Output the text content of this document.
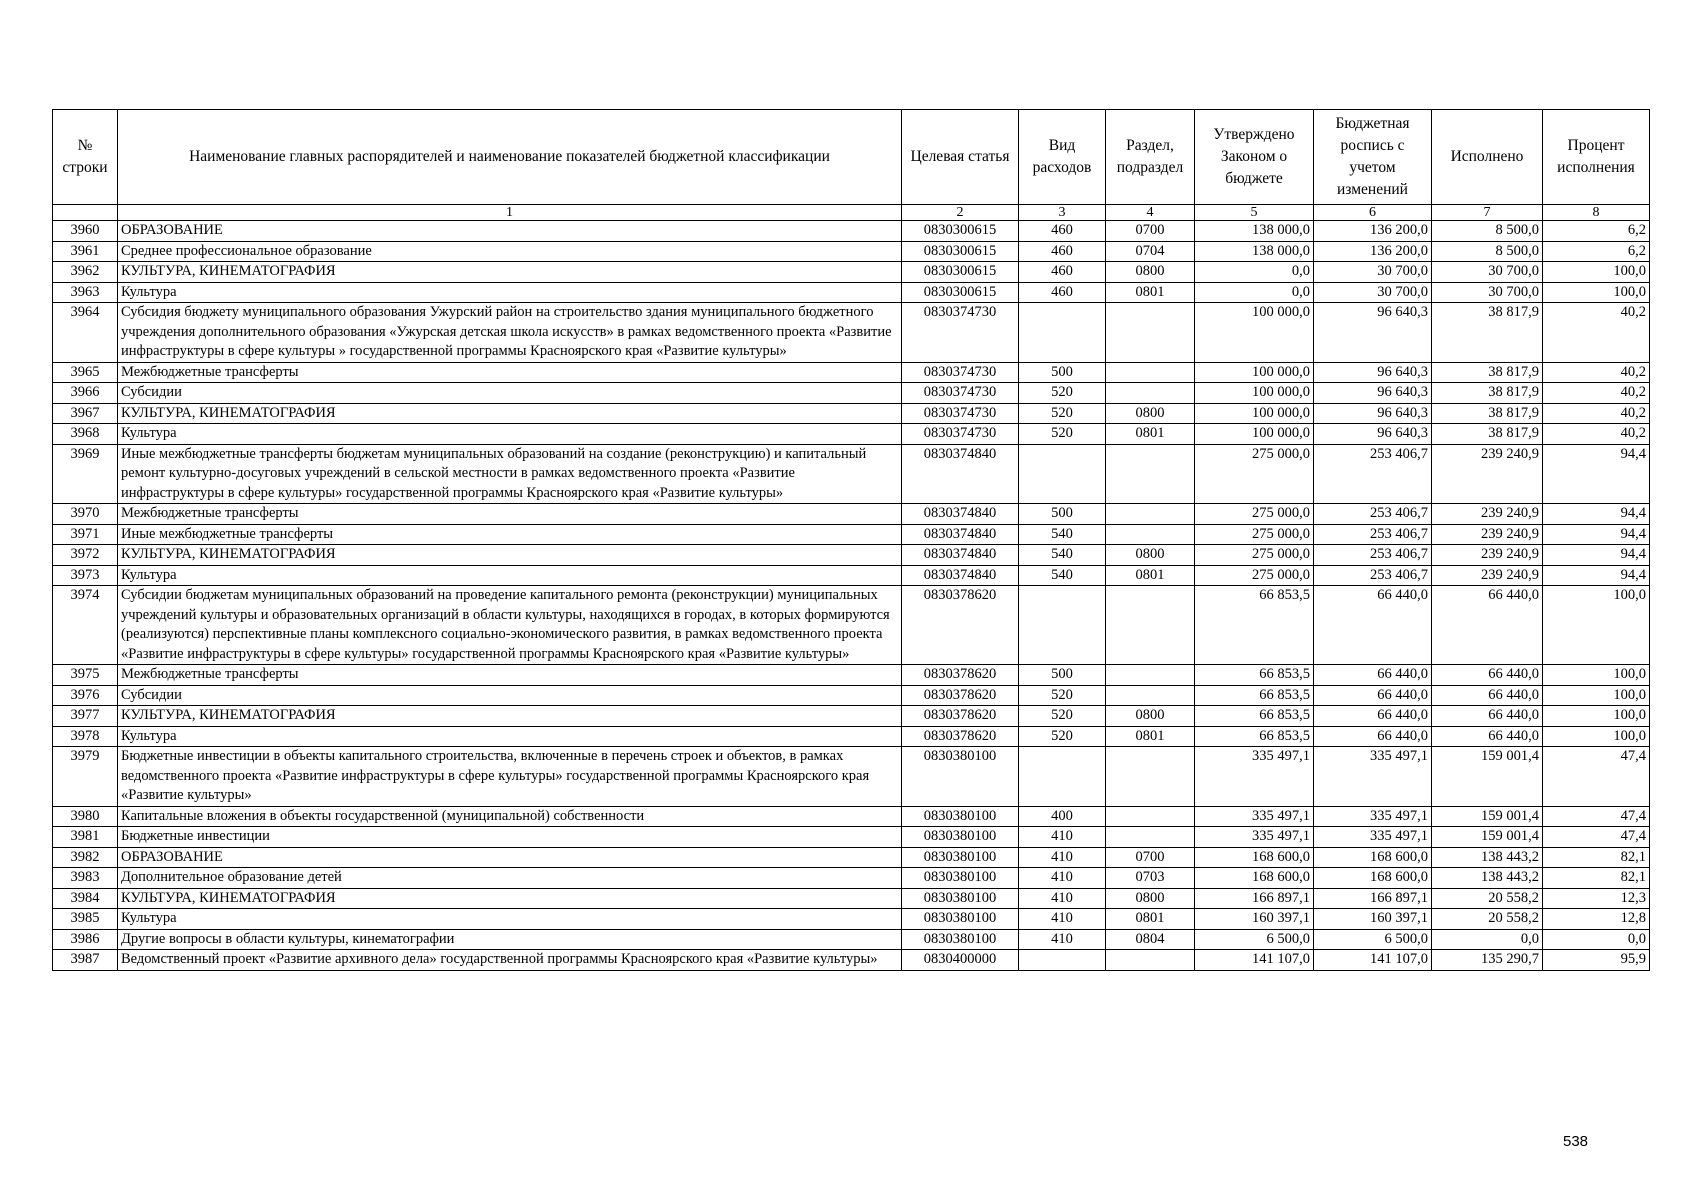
№ строки	Наименование главных распорядителей и наименование показателей бюджетной классификации	Целевая статья	Вид расходов	Раздел, подраздел	Утверждено Законом о бюджете	Бюджетная роспись с учетом изменений	Исполнено	Процент исполнения
	1	2	3	4	5	6	7	8
3960	ОБРАЗОВАНИЕ	0830300615	460	0700	138 000,0	136 200,0	8 500,0	6,2
3961	Среднее профессиональное образование	0830300615	460	0704	138 000,0	136 200,0	8 500,0	6,2
3962	КУЛЬТУРА, КИНЕМАТОГРАФИЯ	0830300615	460	0800	0,0	30 700,0	30 700,0	100,0
3963	Культура	0830300615	460	0801	0,0	30 700,0	30 700,0	100,0
3964	Субсидия бюджету муниципального образования Ужурский район на строительство здания муниципального бюджетного учреждения дополнительного образования «Ужурская детская школа искусств» в рамках ведомственного проекта «Развитие инфраструктуры в сфере культуры » государственной программы Красноярского края «Развитие культуры»	0830374730			100 000,0	96 640,3	38 817,9	40,2
3965	Межбюджетные трансферты	0830374730	500		100 000,0	96 640,3	38 817,9	40,2
3966	Субсидии	0830374730	520		100 000,0	96 640,3	38 817,9	40,2
3967	КУЛЬТУРА, КИНЕМАТОГРАФИЯ	0830374730	520	0800	100 000,0	96 640,3	38 817,9	40,2
3968	Культура	0830374730	520	0801	100 000,0	96 640,3	38 817,9	40,2
3969	Иные межбюджетные трансферты бюджетам муниципальных образований на создание (реконструкцию) и капитальный ремонт культурно-досуговых учреждений в сельской местности в рамках ведомственного проекта «Развитие инфраструктуры в сфере культуры» государственной программы Красноярского края «Развитие культуры»	0830374840			275 000,0	253 406,7	239 240,9	94,4
3970	Межбюджетные трансферты	0830374840	500		275 000,0	253 406,7	239 240,9	94,4
3971	Иные межбюджетные трансферты	0830374840	540		275 000,0	253 406,7	239 240,9	94,4
3972	КУЛЬТУРА, КИНЕМАТОГРАФИЯ	0830374840	540	0800	275 000,0	253 406,7	239 240,9	94,4
3973	Культура	0830374840	540	0801	275 000,0	253 406,7	239 240,9	94,4
3974	Субсидии бюджетам муниципальных образований на проведение капитального ремонта (реконструкции) муниципальных учреждений культуры и образовательных организаций в области культуры, находящихся в городах, в которых формируются (реализуются) перспективные планы комплексного социально-экономического развития, в рамках ведомственного проекта «Развитие инфраструктуры в сфере культуры» государственной программы Красноярского края «Развитие культуры»	0830378620			66 853,5	66 440,0	66 440,0	100,0
3975	Межбюджетные трансферты	0830378620	500		66 853,5	66 440,0	66 440,0	100,0
3976	Субсидии	0830378620	520		66 853,5	66 440,0	66 440,0	100,0
3977	КУЛЬТУРА, КИНЕМАТОГРАФИЯ	0830378620	520	0800	66 853,5	66 440,0	66 440,0	100,0
3978	Культура	0830378620	520	0801	66 853,5	66 440,0	66 440,0	100,0
3979	Бюджетные инвестиции в объекты капитального строительства, включенные в перечень строек и объектов, в рамках ведомственного проекта «Развитие инфраструктуры в сфере культуры» государственной программы Красноярского края «Развитие культуры»	0830380100			335 497,1	335 497,1	159 001,4	47,4
3980	Капитальные вложения в объекты государственной (муниципальной) собственности	0830380100	400		335 497,1	335 497,1	159 001,4	47,4
3981	Бюджетные инвестиции	0830380100	410		335 497,1	335 497,1	159 001,4	47,4
3982	ОБРАЗОВАНИЕ	0830380100	410	0700	168 600,0	168 600,0	138 443,2	82,1
3983	Дополнительное образование детей	0830380100	410	0703	168 600,0	168 600,0	138 443,2	82,1
3984	КУЛЬТУРА, КИНЕМАТОГРАФИЯ	0830380100	410	0800	166 897,1	166 897,1	20 558,2	12,3
3985	Культура	0830380100	410	0801	160 397,1	160 397,1	20 558,2	12,8
3986	Другие вопросы в области культуры, кинематографии	0830380100	410	0804	6 500,0	6 500,0	0,0	0,0
3987	Ведомственный проект «Развитие архивного дела» государственной программы Красноярского края «Развитие культуры»	0830400000			141 107,0	141 107,0	135 290,7	95,9
538
